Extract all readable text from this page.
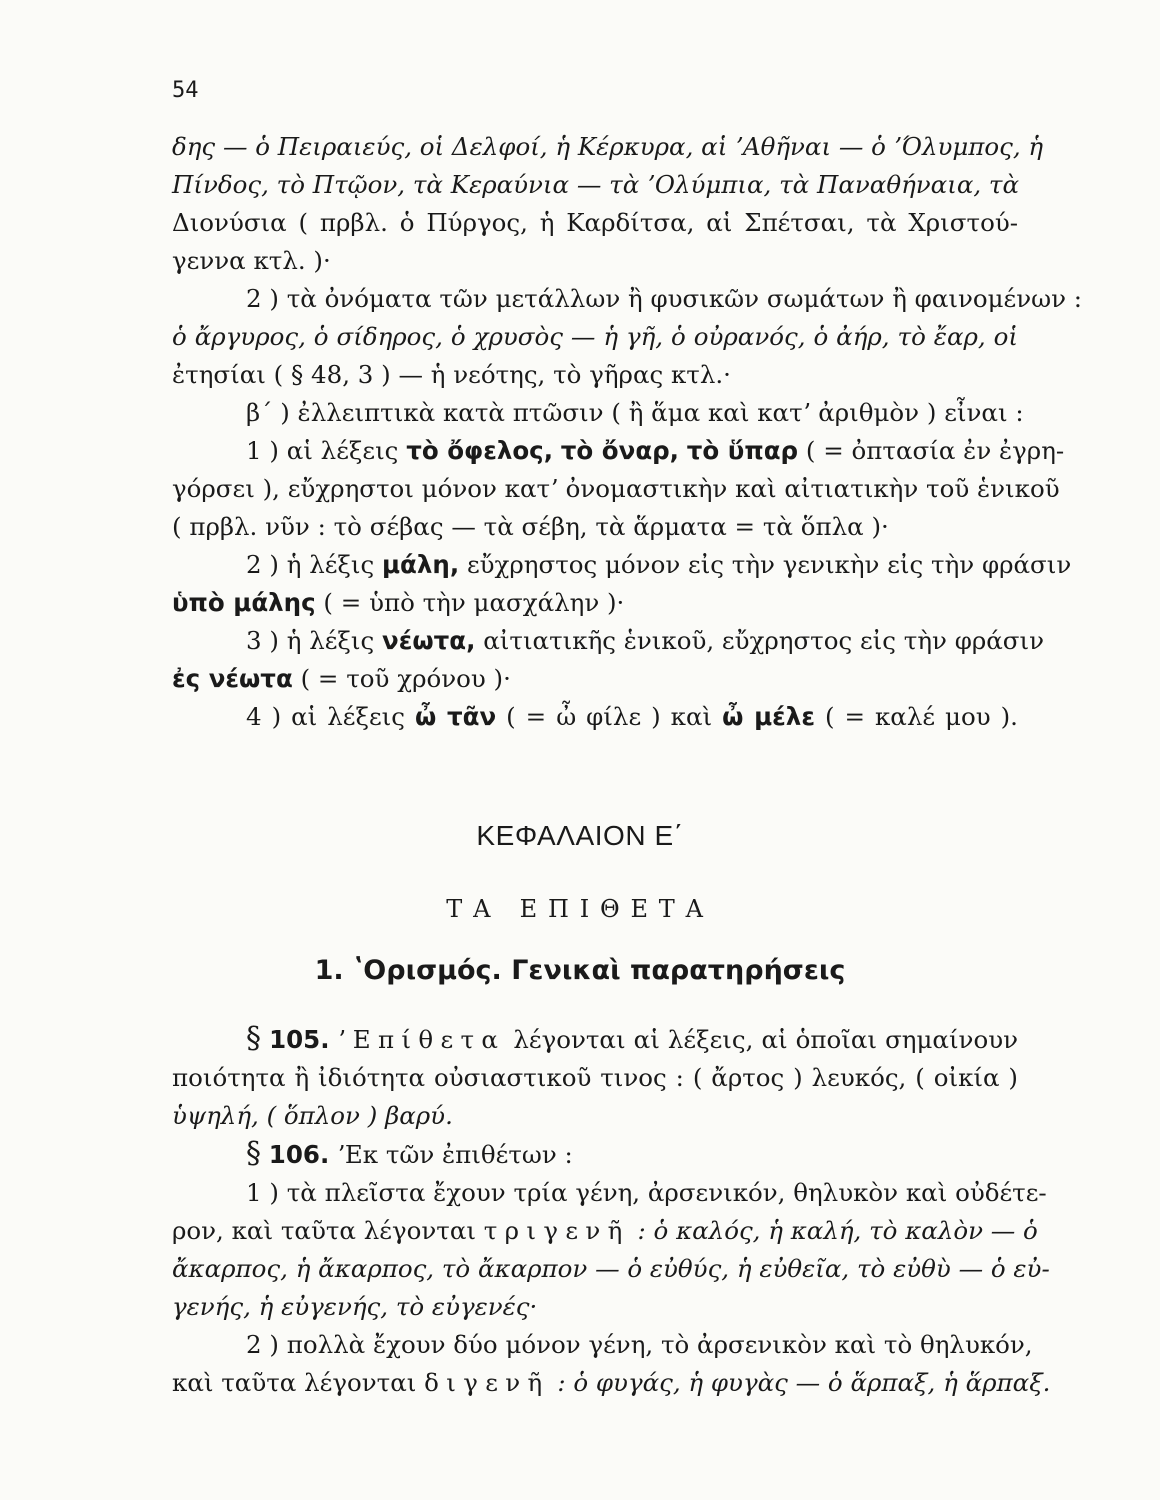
54
δης — ὁ Πειραιεύς, οἱ Δελφοί, ἡ Κέρκυρα, αἱ ʼΑθῆναι — ὁ ʼΌλυμπος, ἡ
Πίνδος, τὸ Πτῷον, τὰ Κεραύνια — τὰ ʼΟλύμπια, τὰ Παναθήναια, τὰ
Διονύσια ( πρβλ. ὁ Πύργος, ἡ Καρδίτσα, αἱ Σπέτσαι, τὰ Χριστού-
γεννα κτλ. )·
2 ) τὰ ὀνόματα τῶν μετάλλων ἢ φυσικῶν σωμάτων ἢ φαινομένων :
ὁ ἄργυρος, ὁ σίδηρος, ὁ χρυσὸς — ἡ γῆ, ὁ οὐρανός, ὁ ἀήρ, τὸ ἔαρ, οἱ
ἐτησίαι ( § 48, 3 ) — ἡ νεότης, τὸ γῆρας κτλ.·
β΄ ) ἐλλειπτικὰ κατὰ πτῶσιν ( ἢ ἅμα καὶ κατʼ ἀριθμὸν ) εἶναι :
1 ) αἱ λέξεις τὸ ὄφελος, τὸ ὄναρ, τὸ ὕπαρ ( = ὀπτασία ἐν ἐγρη-
γόρσει ), εὔχρηστοι μόνον κατʼ ὀνομαστικὴν καὶ αἰτιατικὴν τοῦ ἑνικοῦ
( πρβλ. νῦν : τὸ σέβας — τὰ σέβη, τὰ ἅρματα = τὰ ὅπλα )·
2 ) ἡ λέξις μάλη, εὔχρηστος μόνον εἰς τὴν γενικὴν εἰς τὴν φράσιν
ὑπὸ μάλης ( = ὑπὸ τὴν μασχάλην )·
3 ) ἡ λέξις νέωτα, αἰτιατικῆς ἑνικοῦ, εὔχρηστος εἰς τὴν φράσιν
ἐς νέωτα ( = τοῦ χρόνου )·
4 ) αἱ λέξεις ὦ τᾶν ( = ὦ φίλε ) καὶ ὦ μέλε ( = καλέ μου ).
ΚΕΦΑΛΑΙΟΝ Ε΄
ΤΑ ΕΠΙΘΕΤΑ
1. ʽΟρισμός. Γενικαὶ παρατηρήσεις
§ 105. ʼΕπίθετα λέγονται αἱ λέξεις, αἱ ὁποῖαι σημαίνουν
ποιότητα ἢ ἰδιότητα οὐσιαστικοῦ τινος : ( ἄρτος ) λευκός, ( οἰκία )
ὑψηλή, ( ὅπλον ) βαρύ.
§ 106. ʼΕκ τῶν ἐπιθέτων :
1 ) τὰ πλεῖστα ἔχουν τρία γένη, ἀρσενικόν, θηλυκὸν καὶ οὐδέτε-
ρον, καὶ ταῦτα λέγονται τριγενῆ : ὁ καλός, ἡ καλή, τὸ καλὸν — ὁ
ἄκαρπος, ἡ ἄκαρπος, τὸ ἄκαρπον — ὁ εὐθύς, ἡ εὐθεῖα, τὸ εὐθὺ — ὁ εὐ-
γενής, ἡ εὐγενής, τὸ εὐγενές·
2 ) πολλὰ ἔχουν δύο μόνον γένη, τὸ ἀρσενικὸν καὶ τὸ θηλυκόν,
καὶ ταῦτα λέγονται διγενῆ : ὁ φυγάς, ἡ φυγὰς — ὁ ἅρπαξ, ἡ ἅρπαξ.
